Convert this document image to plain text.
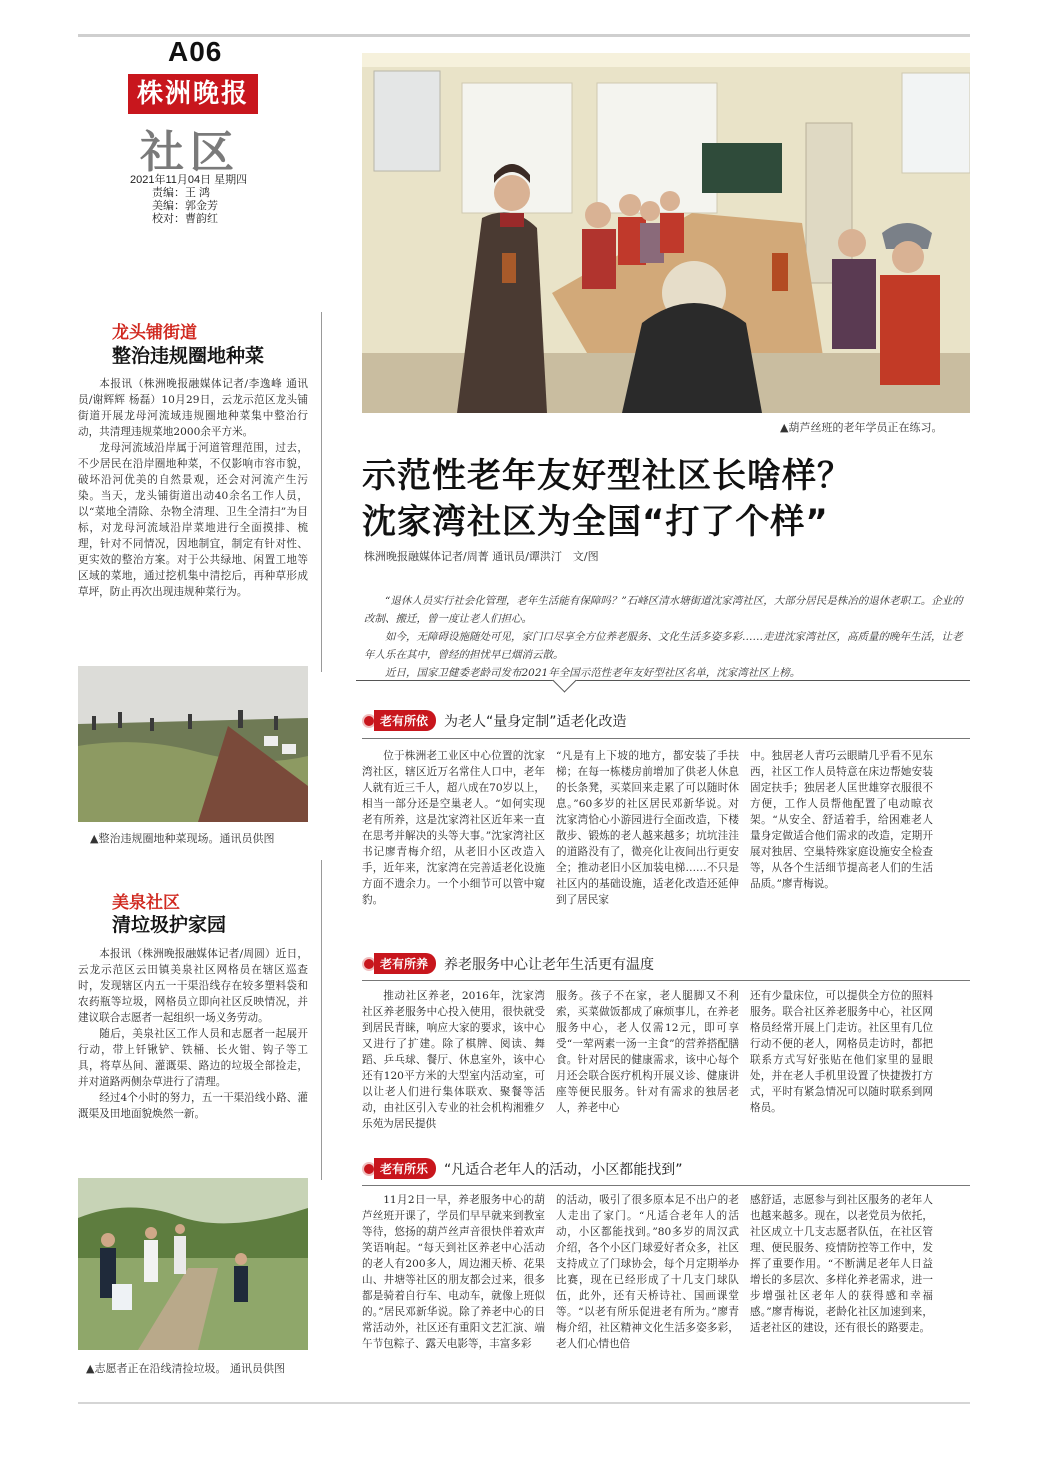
A06
株洲晚报
社区
2021年11月04日 星期四
责编：王 鸿
美编：郭金芳
校对：曹韵红
龙头铺街道
整治违规圈地种菜

本报讯（株洲晚报融媒体记者/李逸峰 通讯员/谢辉辉 杨磊）10月29日，云龙示范区龙头铺街道开展龙母河流域违规圈地种菜集中整治行动，共清理违规菜地2000余平方米。

龙母河流域沿岸属于河道管理范围，过去，不少居民在沿岸圈地种菜，不仅影响市容市貌，破坏沿河优美的自然景观，还会对河流产生污染。当天，龙头铺街道出动40余名工作人员，以“菜地全清除、杂物全清理、卫生全清扫”为目标，对龙母河流域沿岸菜地进行全面摸排、梳理，针对不同情况，因地制宜，制定有针对性、更实效的整治方案。对于公共绿地、闲置工地等区域的菜地，通过挖机集中清挖后，再种草形成草坪，防止再次出现违规种菜行为。

▲整治违规圈地种菜现场。通讯员供图
美泉社区
清垃圾护家园

本报讯（株洲晚报融媒体记者/周圆）近日，云龙示范区云田镇美泉社区网格员在辖区巡查时，发现辖区内五一干渠沿线存在较多塑料袋和农药瓶等垃圾，网格员立即向社区反映情况，并建议联合志愿者一起组织一场义务劳动。

随后，美泉社区工作人员和志愿者一起展开行动，带上钎锹铲、铁桶、长火钳、钩子等工具，将草丛间、灌溉渠、路边的垃圾全部捡走，并对道路两侧杂草进行了清理。

经过4个小时的努力，五一干渠沿线小路、灌溉渠及田地面貌焕然一新。

▲志愿者正在沿线清捡垃圾。 通讯员供图
▲葫芦丝班的老年学员正在练习。
示范性老年友好型社区长啥样？
沈家湾社区为全国“打了个样”
株洲晚报融媒体记者/周菁 通讯员/谭洪汀　文/图

“退休人员实行社会化管理，老年生活能有保障吗？”石峰区清水塘街道沈家湾社区，大部分居民是株冶的退休老职工。企业的改制、搬迁，曾一度让老人们担心。

如今，无障碍设施随处可见，家门口尽享全方位养老服务、文化生活多姿多彩……走进沈家湾社区，高质量的晚年生活，让老年人乐在其中，曾经的担忧早已烟消云散。

近日，国家卫健委老龄司发布2021年全国示范性老年友好型社区名单，沈家湾社区上榜。

老有所依	为老人“量身定制”适老化改造
位于株洲老工业区中心位置的沈家湾社区，辖区近万名常住人口中，老年人就有近三千人，超八成在70岁以上，相当一部分还是空巢老人。“如何实现老有所养，这是沈家湾社区近年来一直在思考并解决的头等大事。”沈家湾社区书记廖青梅介绍，从老旧小区改造入手，近年来，沈家湾在完善适老化设施方面不遗余力。一个小细节可以管中窥豹。
“凡是有上下坡的地方，都安装了手扶梯；在每一栋楼房前增加了供老人休息的长条凳，买菜回来走累了可以随时休息。”60多岁的社区居民邓新华说。对沈家湾恰心小游园进行全面改造，下楼散步、锻炼的老人越来越多；坑坑洼洼的道路没有了，微亮化让夜间出行更安全；推动老旧小区加装电梯……不只是社区内的基础设施，适老化改造还延伸到了居民家
中。独居老人青巧云眼睛几乎看不见东西，社区工作人员特意在床边帮她安装固定扶手；独居老人匡世雄穿衣服很不方便，工作人员帮他配置了电动晾衣架。“从安全、舒适着手，给困难老人量身定做适合他们需求的改造，定期开展对独居、空巢特殊家庭设施安全检查等，从各个生活细节提高老人们的生活品质。”廖青梅说。
老有所养	养老服务中心让老年生活更有温度
推动社区养老，2016年，沈家湾社区养老服务中心投入使用，很快就受到居民青睐，响应大家的要求，该中心又进行了扩建。除了棋牌、阅读、舞蹈、乒乓球、餐厅、休息室外，该中心还有120平方米的大型室内活动室，可以让老人们进行集体联欢、聚餐等活动，由社区引入专业的社会机构湘雅夕乐苑为居民提供
服务。孩子不在家，老人腿脚又不利索，买菜做饭都成了麻烦事儿，在养老服务中心，老人仅需12元，即可享受“一荤两素一汤一主食”的营养搭配膳食。针对居民的健康需求，该中心每个月还会联合医疗机构开展义诊、健康讲座等便民服务。针对有需求的独居老人，养老中心
还有少量床位，可以提供全方位的照料服务。联合社区养老服务中心，社区网格员经常开展上门走访。社区里有几位行动不便的老人，网格员走访时，都把联系方式写好张贴在他们家里的显眼处，并在老人手机里设置了快捷拨打方式，平时有紧急情况可以随时联系到网格员。
老有所乐	“凡适合老年人的活动，小区都能找到”
11月2日一早，养老服务中心的葫芦丝班开课了，学员们早早就来到教室等待，悠扬的葫芦丝声音很快伴着欢声笑语响起。“每天到社区养老中心活动的老人有200多人，周边湘天桥、花果山、井塘等社区的朋友都会过来，很多都是骑着自行车、电动车，就像上班似的。”居民邓新华说。除了养老中心的日常活动外，社区还有重阳文艺汇演、端午节包粽子、露天电影等，丰富多彩
的活动，吸引了很多原本足不出户的老人走出了家门。“凡适合老年人的活动，小区都能找到。”80多岁的周汉武介绍，各个小区门球爱好者众多，社区支持成立了门球协会，每个月定期举办比赛，现在已经形成了十几支门球队伍，此外，还有天桥诗社、国画课堂等。“以老有所乐促进老有所为。”廖青梅介绍，社区精神文化生活多姿多彩，老人们心情也倍
感舒适，志愿参与到社区服务的老年人也越来越多。现在，以老党员为依托，社区成立十几支志愿者队伍，在社区管理、便民服务、疫情防控等工作中，发挥了重要作用。“不断满足老年人日益增长的多层次、多样化养老需求，进一步增强社区老年人的获得感和幸福感。”廖青梅说，老龄化社区加速到来，适老社区的建设，还有很长的路要走。
